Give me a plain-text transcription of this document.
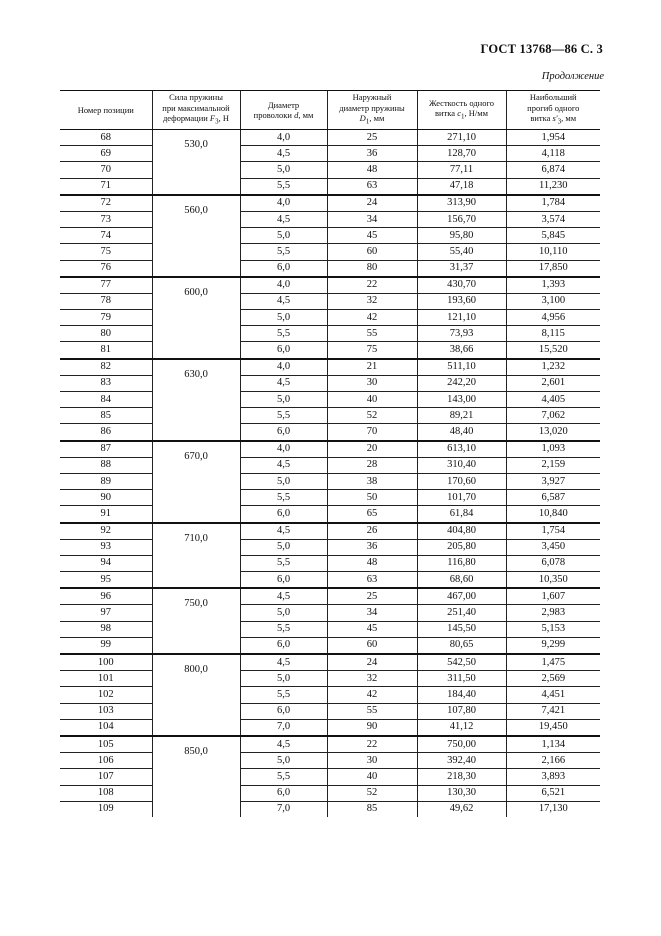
ГОСТ 13768—86 С. 3
Продолжение
Номер позиции	Сила пружины
при максимальной
деформации $F_3$, Н	Диаметр
проволоки d, мм	Наружный
диаметр пружины
$D_1$, мм	Жесткость одного
витка $c_1$, Н/мм	Наибольший
прогиб одного
витка $s'_3$, мм
68	530,0	4,0	25	271,10	1,954
69		4,5	36	128,70	4,118
70		5,0	48	77,11	6,874
71		5,5	63	47,18	11,230
72	560,0	4,0	24	313,90	1,784
73		4,5	34	156,70	3,574
74		5,0	45	95,80	5,845
75		5,5	60	55,40	10,110
76		6,0	80	31,37	17,850
77	600,0	4,0	22	430,70	1,393
78		4,5	32	193,60	3,100
79		5,0	42	121,10	4,956
80		5,5	55	73,93	8,115
81		6,0	75	38,66	15,520
82	630,0	4,0	21	511,10	1,232
83		4,5	30	242,20	2,601
84		5,0	40	143,00	4,405
85		5,5	52	89,21	7,062
86		6,0	70	48,40	13,020
87	670,0	4,0	20	613,10	1,093
88		4,5	28	310,40	2,159
89		5,0	38	170,60	3,927
90		5,5	50	101,70	6,587
91		6,0	65	61,84	10,840
92	710,0	4,5	26	404,80	1,754
93		5,0	36	205,80	3,450
94		5,5	48	116,80	6,078
95		6,0	63	68,60	10,350
96	750,0	4,5	25	467,00	1,607
97		5,0	34	251,40	2,983
98		5,5	45	145,50	5,153
99		6,0	60	80,65	9,299
100	800,0	4,5	24	542,50	1,475
101		5,0	32	311,50	2,569
102		5,5	42	184,40	4,451
103		6,0	55	107,80	7,421
104		7,0	90	41,12	19,450
105	850,0	4,5	22	750,00	1,134
106		5,0	30	392,40	2,166
107		5,5	40	218,30	3,893
108		6,0	52	130,30	6,521
109		7,0	85	49,62	17,130
